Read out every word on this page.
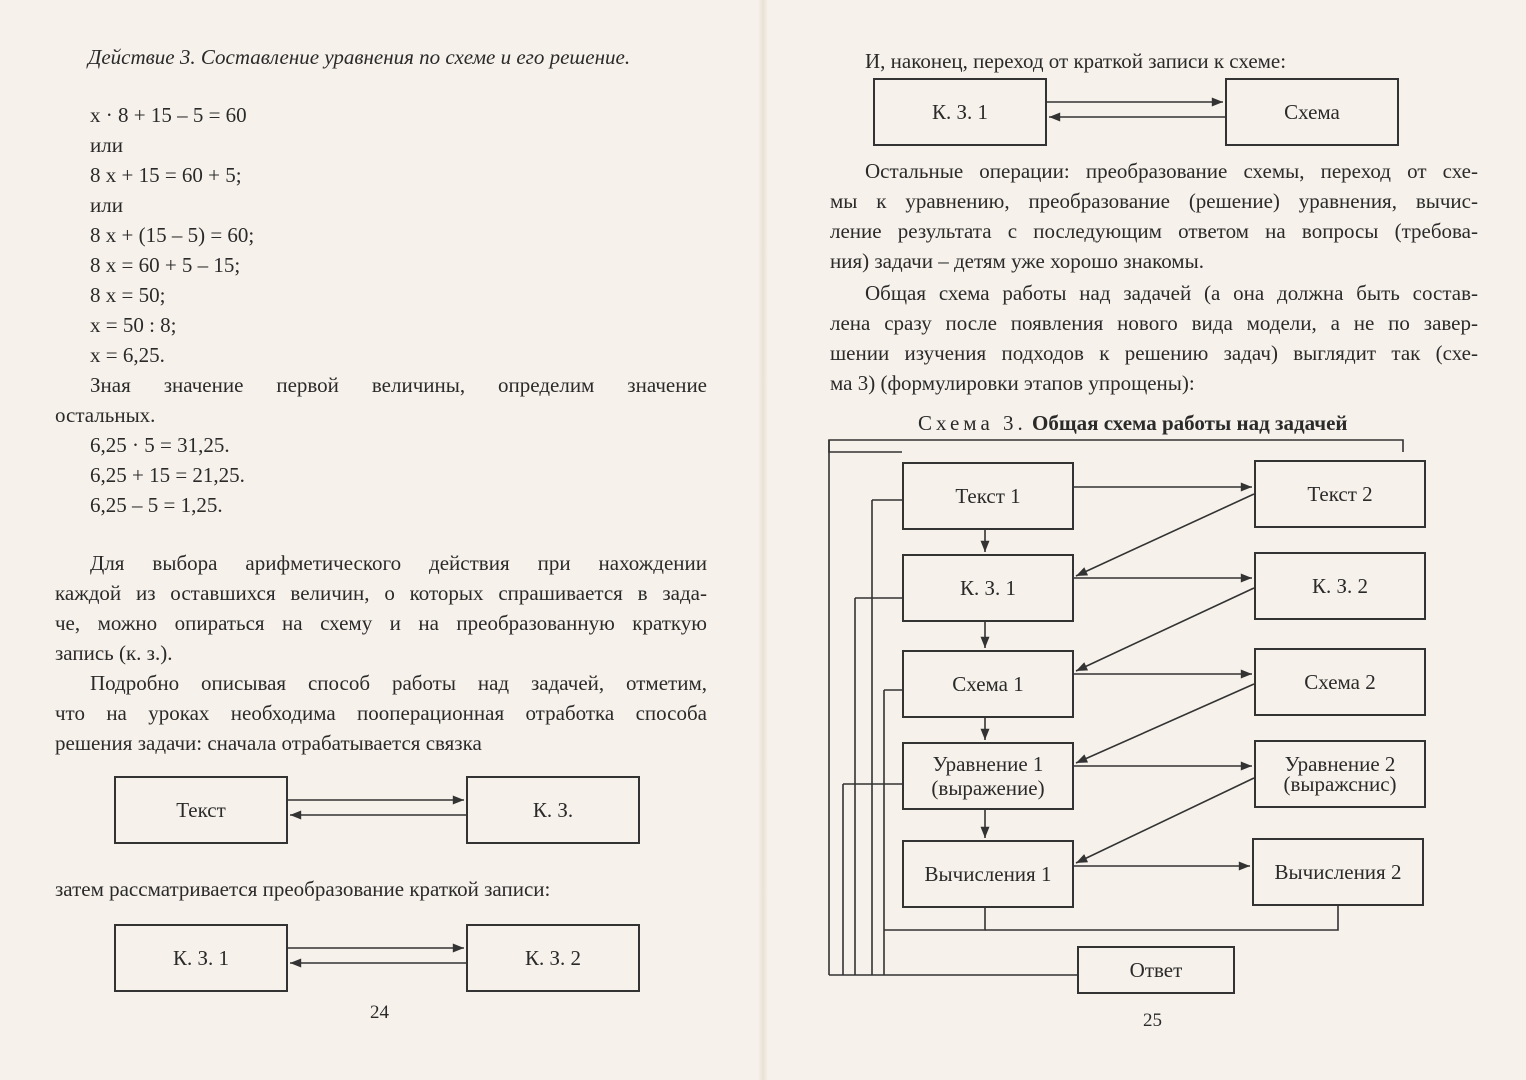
Действие 3. Составление уравнения по схеме и его решение.
x · 8 + 15 – 5 = 60
или
8 x + 15 = 60 + 5;
или
8 x + (15 – 5) = 60;
8 x = 60 + 5 – 15;
8 x = 50;
x = 50 : 8;
x = 6,25.
Зная значение первой величины, определим значение
остальных.
6,25 · 5 = 31,25.
6,25 + 15 = 21,25.
6,25 – 5 = 1,25.
Для выбора арифметического действия при нахождении
каждой из оставшихся величин, о которых спрашивается в зада-
че, можно опираться на схему и на преобразованную краткую
запись (к. з.).
Подробно описывая способ работы над задачей, отметим,
что на уроках необходима пооперационная отработка способа
решения задачи: сначала отрабатывается связка
Текст	К. З.
затем рассматривается преобразование краткой записи:
К. З. 1	К. З. 2
24
И, наконец, переход от краткой записи к схеме:
К. З. 1	Схема
Остальные операции: преобразование схемы, переход от схе-
мы к уравнению, преобразование (решение) уравнения, вычис-
ление результата с последующим ответом на вопросы (требова-
ния) задачи – детям уже хорошо знакомы.
Общая схема работы над задачей (а она должна быть состав-
лена сразу после появления нового вида модели, а не по завер-
шении изучения подходов к решению задач) выглядит так (схе-
ма 3) (формулировки этапов упрощены):
Схема 3. Общая схема работы над задачей
Текст 1
К. З. 1
Схема 1
Уравнение 1
(выражение)
Вычисления 1
Текст 2
К. З. 2
Схема 2
Уравнение 2
(выражснис)
Вычисления 2
Ответ
25
